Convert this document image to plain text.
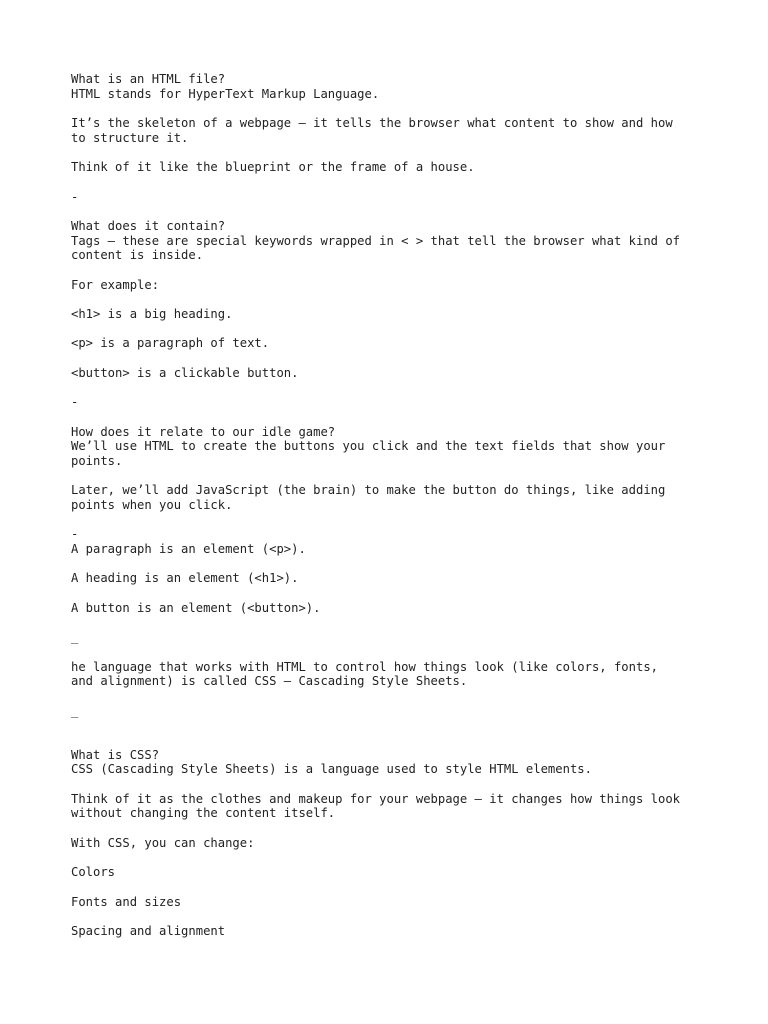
What is an HTML file?
HTML stands for HyperText Markup Language.
It’s the skeleton of a webpage — it tells the browser what content to show and how
to structure it.
Think of it like the blueprint or the frame of a house.
-
What does it contain?
Tags — these are special keywords wrapped in < > that tell the browser what kind of
content is inside.
For example:
<h1> is a big heading.
<p> is a paragraph of text.
<button> is a clickable button.
-
How does it relate to our idle game?
We’ll use HTML to create the buttons you click and the text fields that show your
points.
Later, we’ll add JavaScript (the brain) to make the button do things, like adding
points when you click.
-
A paragraph is an element (<p>).
A heading is an element (<h1>).
A button is an element (<button>).
_
he language that works with HTML to control how things look (like colors, fonts,
and alignment) is called CSS — Cascading Style Sheets.
_
What is CSS?
CSS (Cascading Style Sheets) is a language used to style HTML elements.
Think of it as the clothes and makeup for your webpage — it changes how things look
without changing the content itself.
With CSS, you can change:
Colors
Fonts and sizes
Spacing and alignment
